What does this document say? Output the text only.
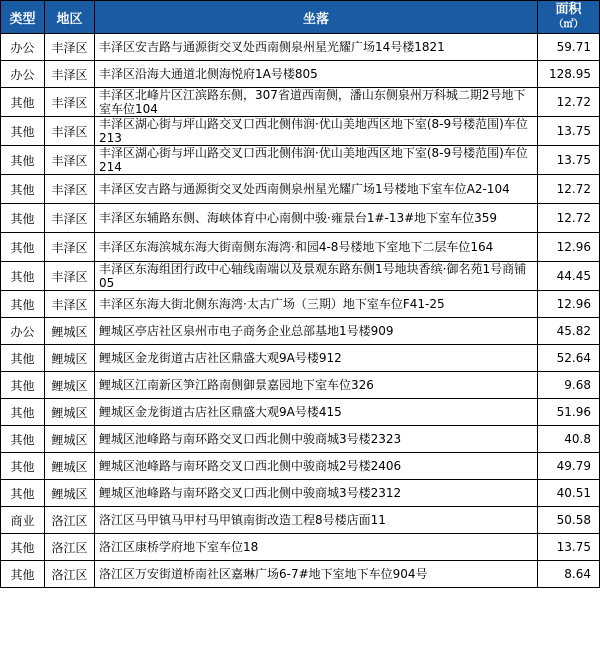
类型	地区	坐落	面积
（㎡）
办公	丰泽区	丰泽区安吉路与通源街交叉处西南侧泉州星光耀广场14号楼1821	59.71
办公	丰泽区	丰泽区沿海大通道北侧海悦府1A号楼805	128.95
其他	丰泽区	丰泽区北峰片区江滨路东侧，307省道西南侧，潘山东侧泉州万科城二期2号地下室车位104	12.72
其他	丰泽区	丰泽区湖心街与坪山路交叉口西北侧伟润·优山美地西区地下室(8-9号楼范围)车位213	13.75
其他	丰泽区	丰泽区湖心街与坪山路交叉口西北侧伟润·优山美地西区地下室(8-9号楼范围)车位214	13.75
其他	丰泽区	丰泽区安吉路与通源街交叉处西南侧泉州星光耀广场1号楼地下室车位A2-104	12.72
其他	丰泽区	丰泽区东辅路东侧、海峡体育中心南侧中骏·雍景台1#-13#地下室车位359	12.72
其他	丰泽区	丰泽区东海滨城东海大街南侧东海湾·和园4-8号楼地下室地下二层车位164	12.96
其他	丰泽区	丰泽区东海组团行政中心轴线南端以及景观东路东侧1号地块香缤·御名苑1号商铺05	44.45
其他	丰泽区	丰泽区东海大街北侧东海湾·太古广场（三期）地下室车位F41-25	12.96
办公	鲤城区	鲤城区亭店社区泉州市电子商务企业总部基地1号楼909	45.82
其他	鲤城区	鲤城区金龙街道古店社区鼎盛大观9A号楼912	52.64
其他	鲤城区	鲤城区江南新区笋江路南侧御景嘉园地下室车位326	9.68
其他	鲤城区	鲤城区金龙街道古店社区鼎盛大观9A号楼415	51.96
其他	鲤城区	鲤城区池峰路与南环路交叉口西北侧中骏商城3号楼2323	40.8
其他	鲤城区	鲤城区池峰路与南环路交叉口西北侧中骏商城2号楼2406	49.79
其他	鲤城区	鲤城区池峰路与南环路交叉口西北侧中骏商城3号楼2312	40.51
商业	洛江区	洛江区马甲镇马甲村马甲镇南街改造工程8号楼店面11	50.58
其他	洛江区	洛江区康桥学府地下室车位18	13.75
其他	洛江区	洛江区万安街道桥南社区嘉琳广场6-7#地下室地下车位904号	8.64
